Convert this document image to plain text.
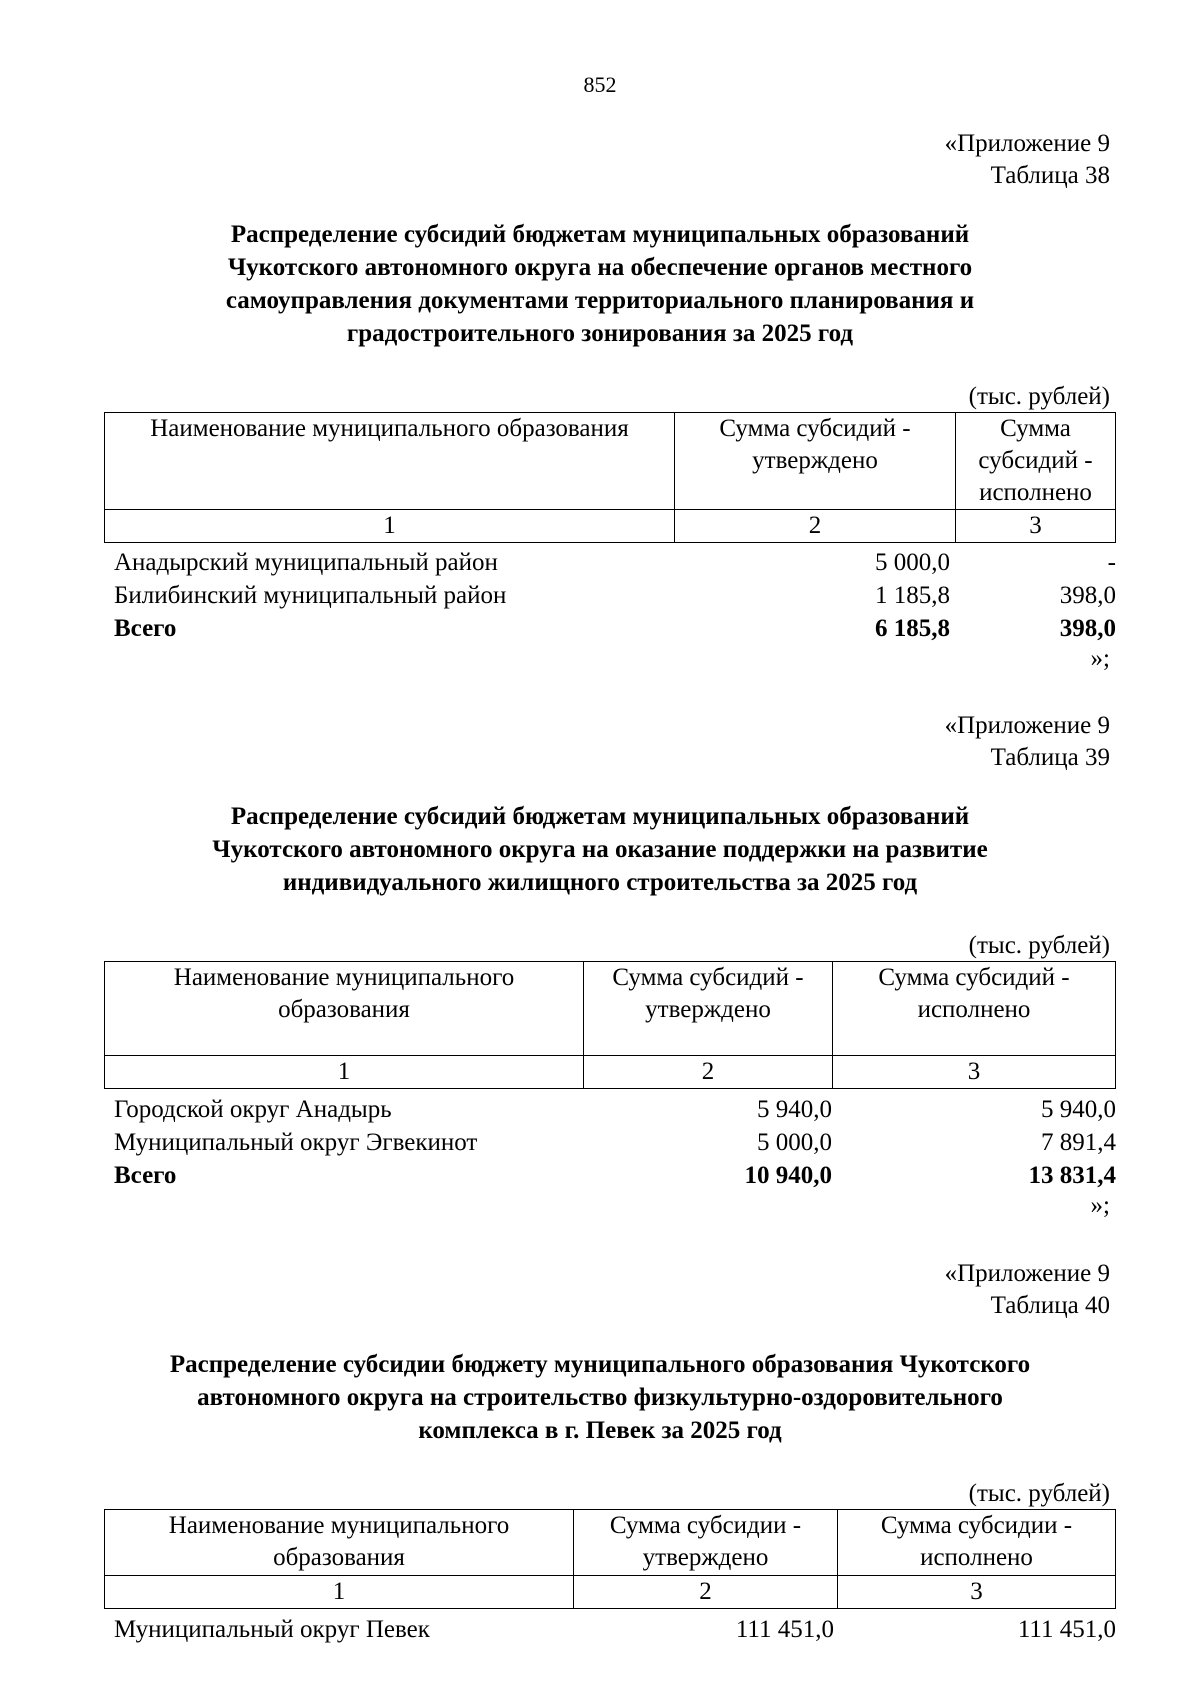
852
«Приложение 9
Таблица 38
Распределение субсидий бюджетам муниципальных образований
Чукотского автономного округа на обеспечение органов местного
самоуправления документами территориального планирования и
градостроительного зонирования за 2025 год
(тыс. рублей)
Наименование муниципального образования	Сумма субсидий - утверждено	Сумма субсидий - исполнено
1	2	3
Анадырский муниципальный район	5 000,0	-
Билибинский муниципальный район	1 185,8	398,0
Всего	6 185,8	398,0
»;
«Приложение 9
Таблица 39
Распределение субсидий бюджетам муниципальных образований
Чукотского автономного округа на оказание поддержки на развитие
индивидуального жилищного строительства за 2025 год
(тыс. рублей)
Наименование муниципального образования	Сумма субсидий - утверждено	Сумма субсидий - исполнено
1	2	3
Городской округ Анадырь	5 940,0	5 940,0
Муниципальный округ Эгвекинот	5 000,0	7 891,4
Всего	10 940,0	13 831,4
»;
«Приложение 9
Таблица 40
Распределение субсидии бюджету муниципального образования Чукотского
автономного округа на строительство физкультурно-оздоровительного
комплекса в г. Певек за 2025 год
(тыс. рублей)
Наименование муниципального образования	Сумма субсидии - утверждено	Сумма субсидии - исполнено
1	2	3
Муниципальный округ Певек	111 451,0	111 451,0
